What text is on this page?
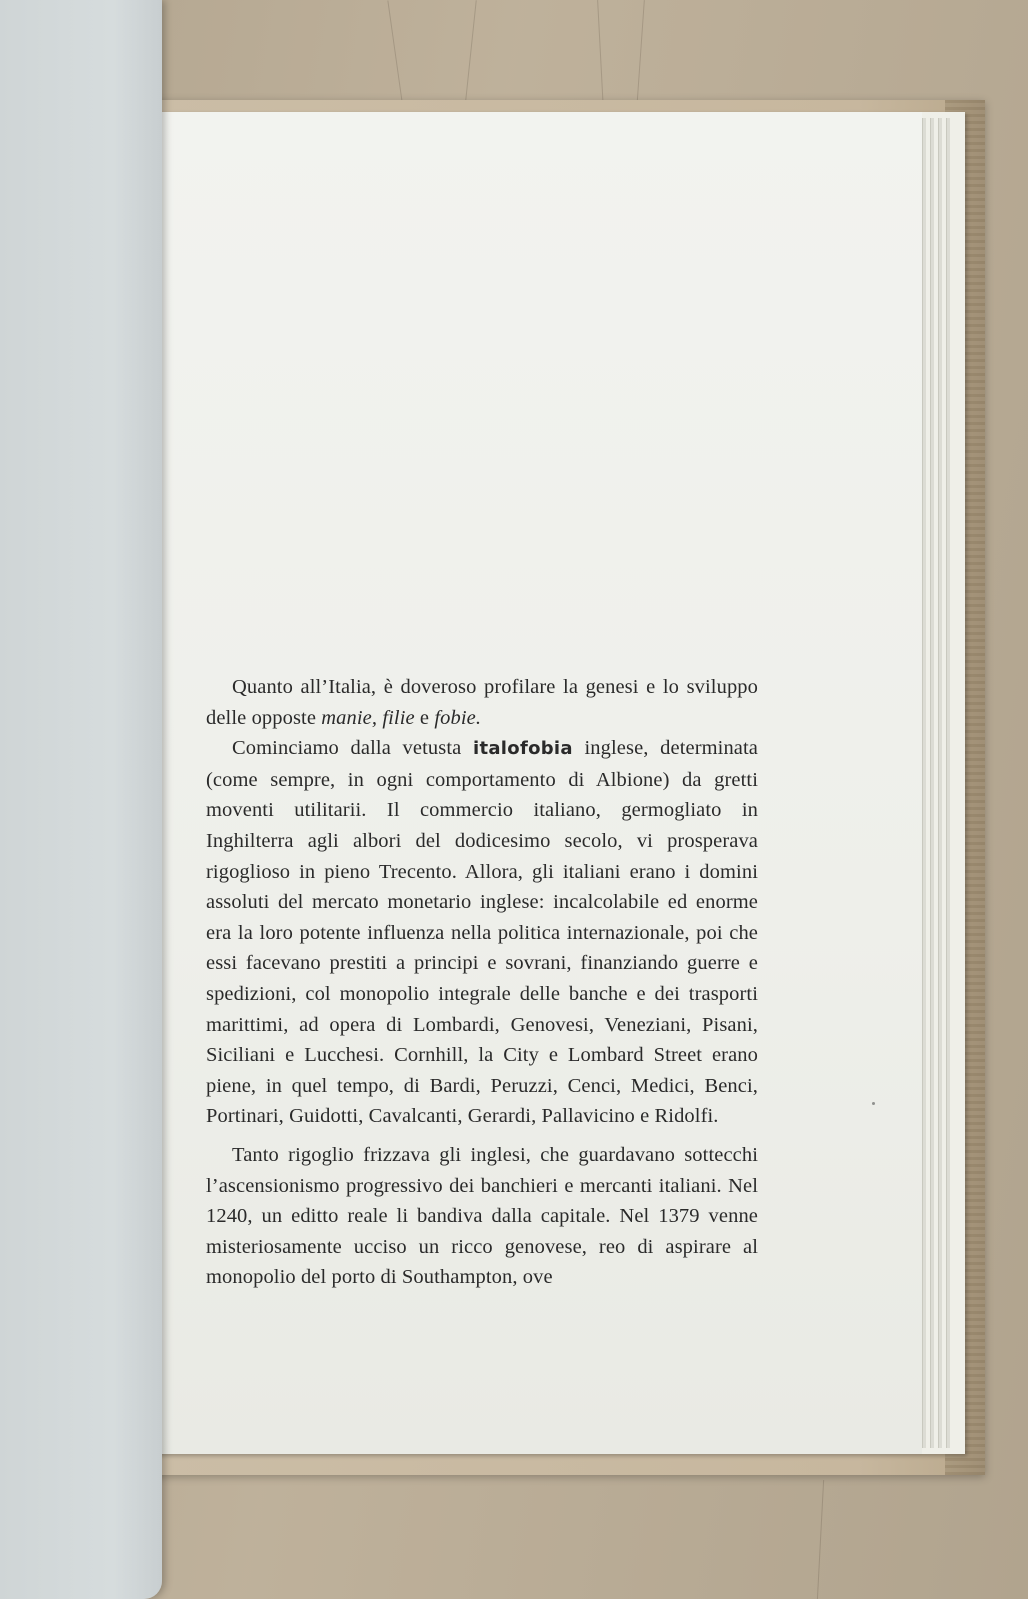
Quanto all’Italia, è doveroso profilare la genesi e lo sviluppo delle opposte manie, filie e fobie.

Cominciamo dalla vetusta italofobia inglese, determinata (come sempre, in ogni comportamento di Albione) da gretti moventi utilitarii. Il commercio italiano, germogliato in Inghilterra agli albori del dodicesimo secolo, vi prosperava rigoglioso in pieno Trecento. Allora, gli italiani erano i domini assoluti del mercato monetario inglese: incalcolabile ed enorme era la loro potente influenza nella politica internazionale, poi che essi facevano prestiti a principi e sovrani, finanziando guerre e spedizioni, col monopolio integrale delle banche e dei trasporti marittimi, ad opera di Lombardi, Genovesi, Veneziani, Pisani, Siciliani e Lucchesi. Cornhill, la City e Lombard Street erano piene, in quel tempo, di Bardi, Peruzzi, Cenci, Medici, Benci, Portinari, Guidotti, Cavalcanti, Gerardi, Pallavicino e Ridolfi.

Tanto rigoglio frizzava gli inglesi, che guardavano sottecchi l’ascensionismo progressivo dei banchieri e mercanti italiani. Nel 1240, un editto reale li bandiva dalla capitale. Nel 1379 venne misteriosamente ucciso un ricco genovese, reo di aspirare al monopolio del porto di Southampton, ove
